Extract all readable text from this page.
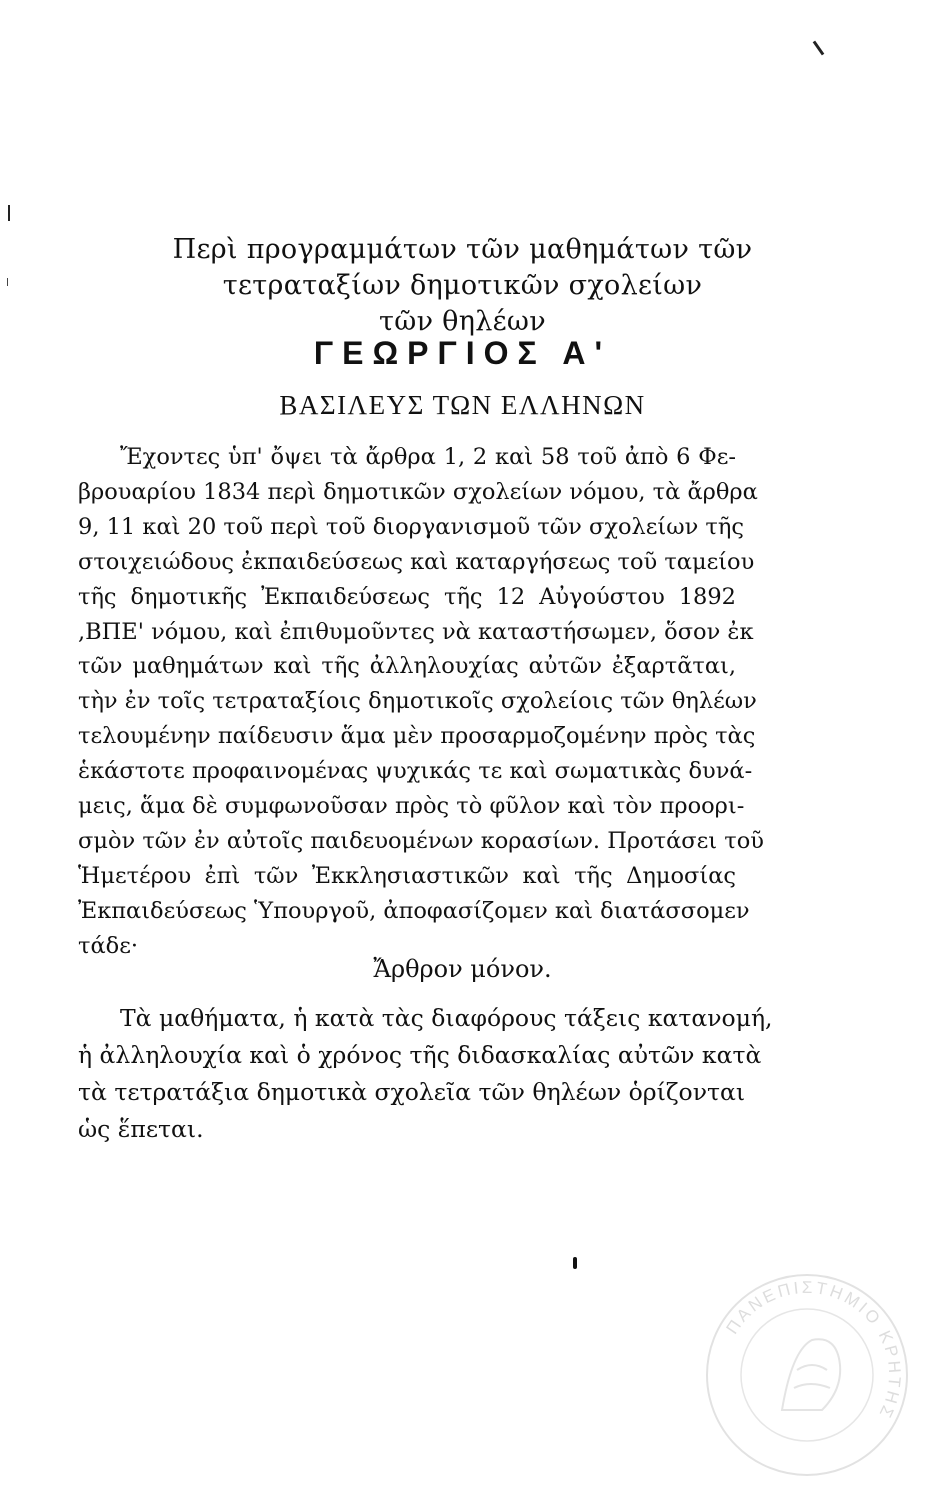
Περὶ προγραμμάτων τῶν μαθημάτων τῶν
τετραταξίων δημοτικῶν σχολείων
τῶν θηλέων
ΓΕΩΡΓΙΟΣ Α'
ΒΑΣΙΛΕΥΣ ΤΩΝ ΕΛΛΗΝΩΝ
Ἔχοντες ὑπ' ὄψει τὰ ἄρθρα 1, 2 καὶ 58 τοῦ ἀπὸ 6 Φε-
βρουαρίου 1834 περὶ δημοτικῶν σχολείων νόμου, τὰ ἄρθρα
9, 11 καὶ 20 τοῦ περὶ τοῦ διοργανισμοῦ τῶν σχολείων τῆς
στοιχειώδους ἐκπαιδεύσεως καὶ καταργήσεως τοῦ ταμείου
τῆς δημοτικῆς Ἐκπαιδεύσεως τῆς 12 Αὐγούστου 1892
,ΒΠΕ' νόμου, καὶ ἐπιθυμοῦντες νὰ καταστήσωμεν, ὅσον ἐκ
τῶν μαθημάτων καὶ τῆς ἀλληλουχίας αὐτῶν ἐξαρτᾶται,
τὴν ἐν τοῖς τετραταξίοις δημοτικοῖς σχολείοις τῶν θηλέων
τελουμένην παίδευσιν ἅμα μὲν προσαρμοζομένην πρὸς τὰς
ἑκάστοτε προφαινομένας ψυχικάς τε καὶ σωματικὰς δυνά-
μεις, ἅμα δὲ συμφωνοῦσαν πρὸς τὸ φῦλον καὶ τὸν προορι-
σμὸν τῶν ἐν αὐτοῖς παιδευομένων κορασίων. Προτάσει τοῦ
Ἡμετέρου ἐπὶ τῶν Ἐκκλησιαστικῶν καὶ τῆς Δημοσίας
Ἐκπαιδεύσεως Ὑπουργοῦ, ἀποφασίζομεν καὶ διατάσσομεν
τάδε·
Ἄρθρον μόνον.
Τὰ μαθήματα, ἡ κατὰ τὰς διαφόρους τάξεις κατανομή,
ἡ ἀλληλουχία καὶ ὁ χρόνος τῆς διδασκαλίας αὐτῶν κατὰ
τὰ τετρατάξια δημοτικὰ σχολεῖα τῶν θηλέων ὁρίζονται
ὡς ἕπεται.
ΠΑΝΕΠΙΣΤΗΜΙΟ ΚΡΗΤΗΣ
